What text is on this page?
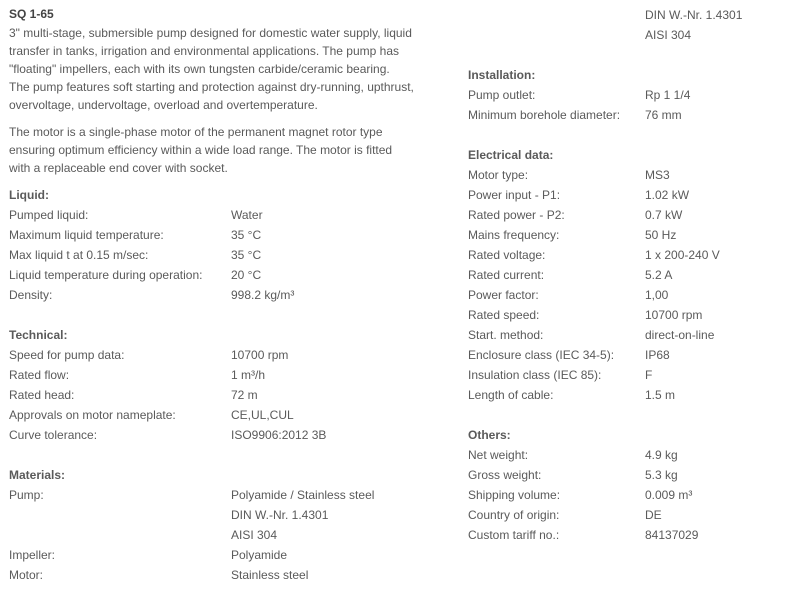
SQ 1-65
3" multi-stage, submersible pump designed for domestic water supply, liquid
transfer in tanks, irrigation and environmental applications. The pump has
"floating" impellers, each with its own tungsten carbide/ceramic bearing.
The pump features soft starting and protection against dry-running, upthrust,
overvoltage, undervoltage, overload and overtemperature.
The motor is a single-phase motor of the permanent magnet rotor type
ensuring optimum efficiency within a wide load range. The motor is fitted
with a replaceable end cover with socket.
Liquid:
Pumped liquid:	Water
Maximum liquid temperature:	35 °C
Max liquid t at 0.15 m/sec:	35 °C
Liquid temperature during operation: 20 °C
Density:	998.2 kg/m³
Technical:
Speed for pump data:	10700 rpm
Rated flow:	1 m³/h
Rated head:	72 m
Approvals on motor nameplate:	CE,UL,CUL
Curve tolerance:	ISO9906:2012 3B
Materials:
Pump:	Polyamide / Stainless steel
DIN W.-Nr. 1.4301
AISI 304
Impeller:	Polyamide
Motor:	Stainless steel
DIN W.-Nr. 1.4301
AISI 304
Installation:
Pump outlet:	Rp 1 1/4
Minimum borehole diameter: 76 mm
Electrical data:
Motor type:	MS3
Power input - P1:	1.02 kW
Rated power - P2:	0.7 kW
Mains frequency:	50 Hz
Rated voltage:	1 x 200-240 V
Rated current:	5.2 A
Power factor:	1,00
Rated speed:	10700 rpm
Start. method:	direct-on-line
Enclosure class (IEC 34-5):	IP68
Insulation class (IEC 85):	F
Length of cable:	1.5 m
Others:
Net weight:	4.9 kg
Gross weight:	5.3 kg
Shipping volume:	0.009 m³
Country of origin:	DE
Custom tariff no.:	84137029
